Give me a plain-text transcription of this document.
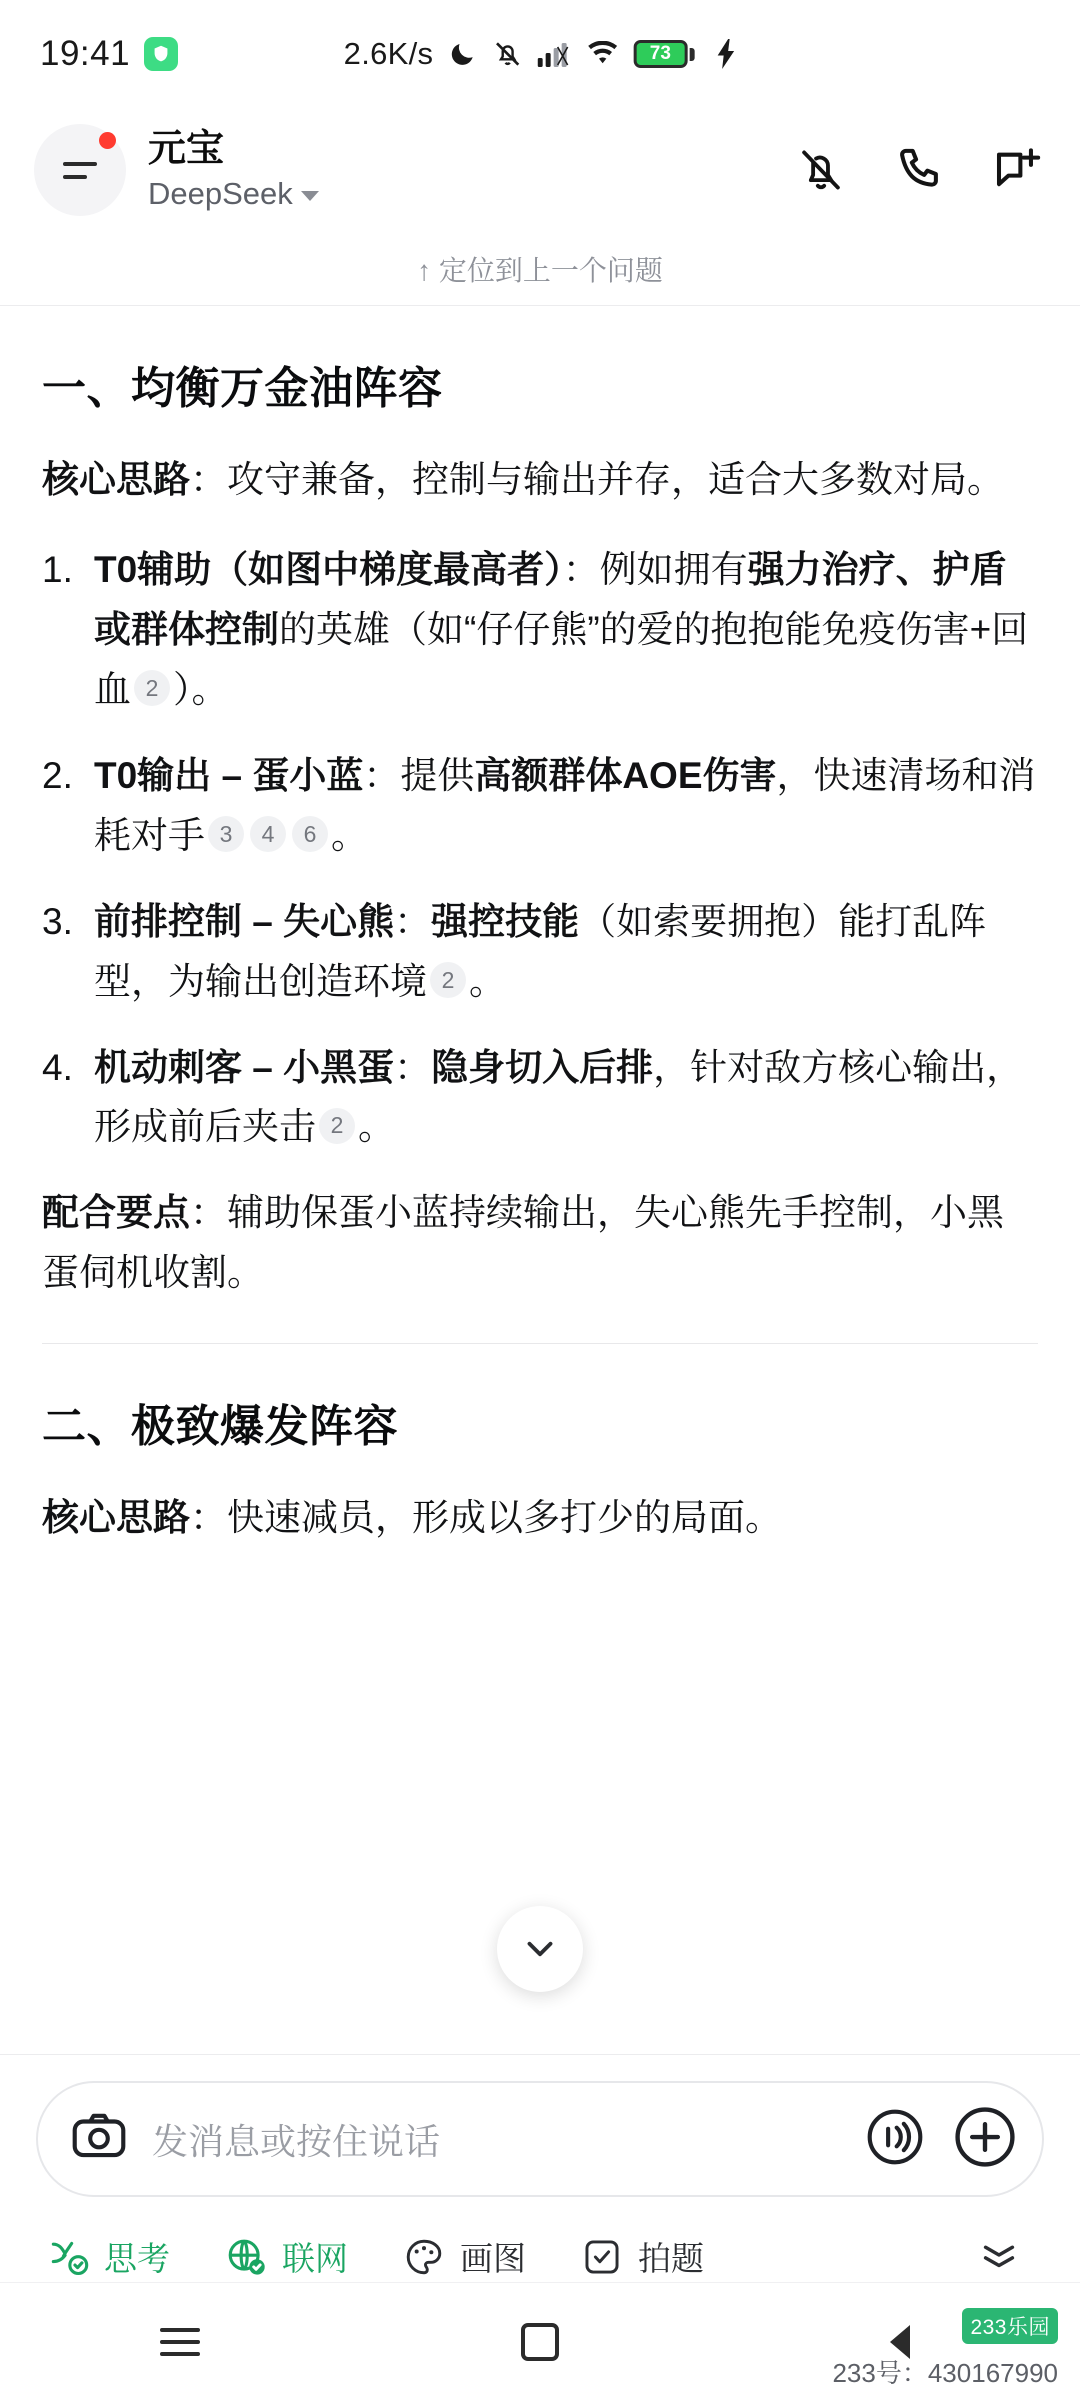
19:41	2.6K/s	73
元宝
DeepSeek
↑ 定位到上一个问题
一、均衡万金油阵容

核心思路：攻守兼备，控制与输出并存，适合大多数对局。

1. T0辅助（如图中梯度最高者）：例如拥有强力治疗、护盾或群体控制的英雄（如“仔仔熊”的爱的抱抱能免疫伤害+回血 2 ）。
2. T0输出 – 蛋小蓝：提供高额群体AOE伤害，快速清场和消耗对手 3 4 6 。
3. 前排控制 – 失心熊：强控技能（如索要拥抱）能打乱阵型，为输出创造环境 2 。
4. 机动刺客 – 小黑蛋：隐身切入后排，针对敌方核心输出，形成前后夹击 2 。

配合要点：辅助保蛋小蓝持续输出，失心熊先手控制，小黑蛋伺机收割。

二、极致爆发阵容

核心思路：快速减员，形成以多打少的局面。

发消息或按住说话
思考	联网	画图	拍题
233乐园
233号：430167990
